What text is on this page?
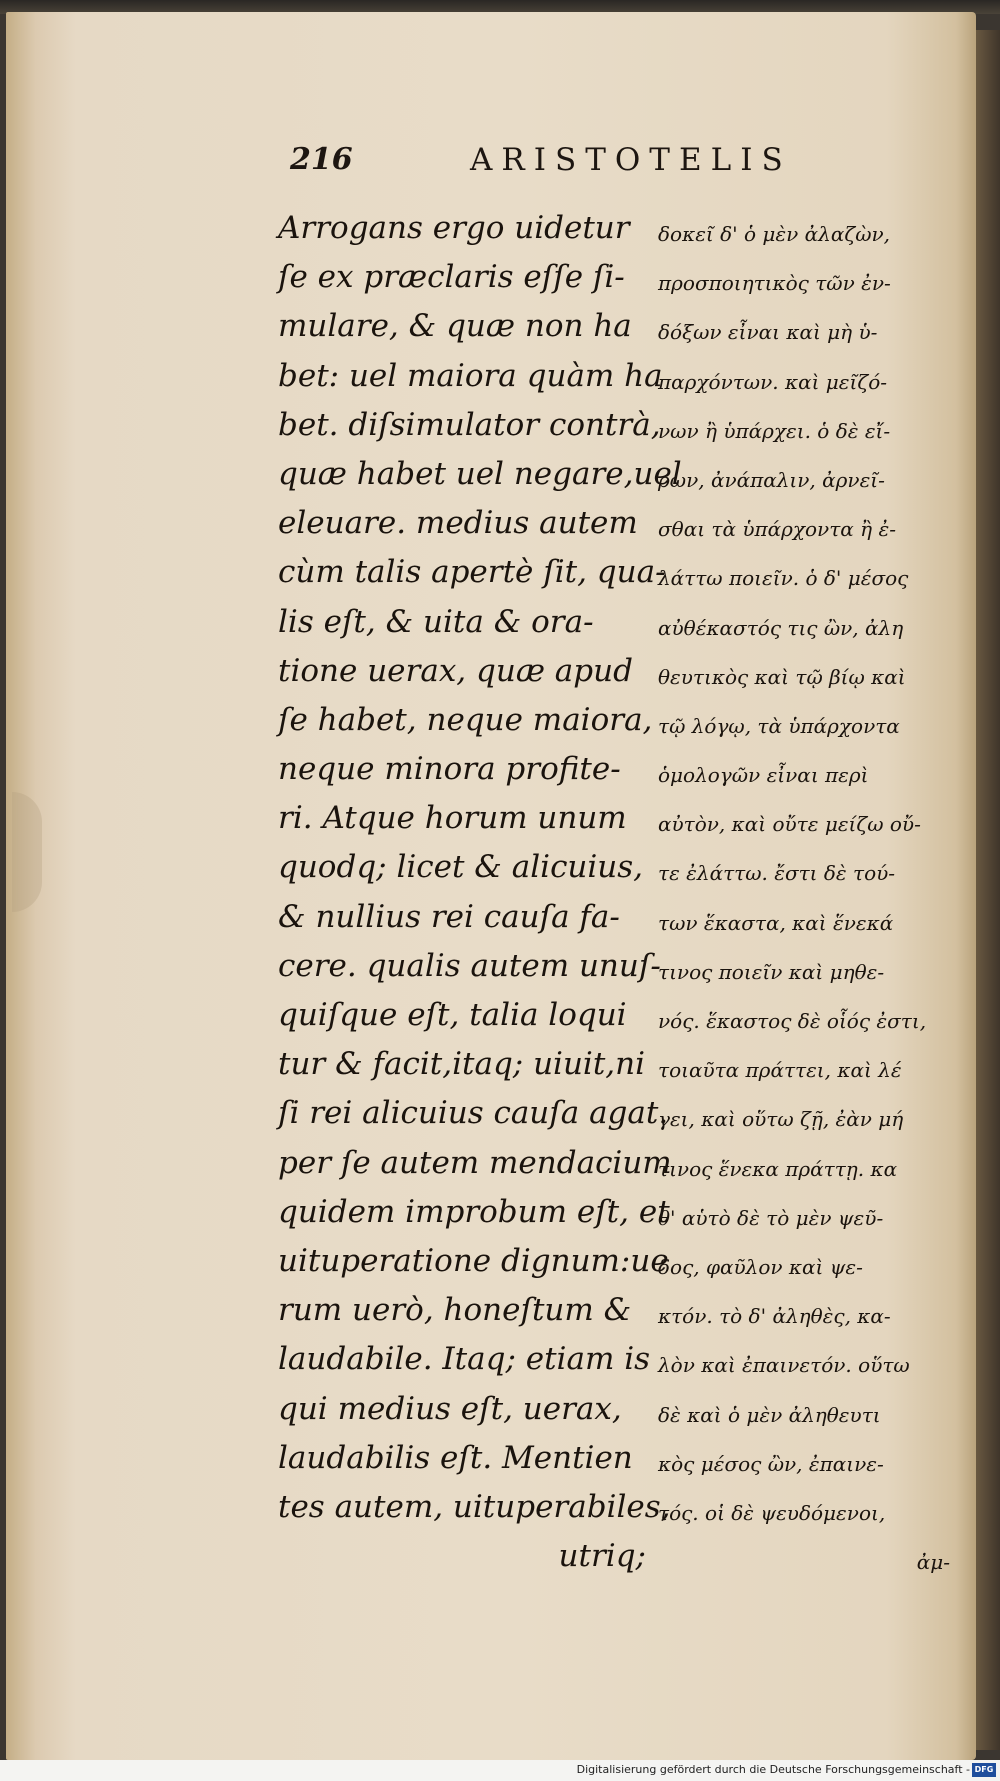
216	ARISTOTELIS
Arrogans ergo uidetur
ſe ex præclaris eſſe ſi-
mulare, & quæ non ha
bet: uel maiora quàm ha
bet. diſsimulator contrà,
quæ habet uel negare,uel
eleuare. medius autem
cùm talis apertè ſit, qua-
lis eſt, & uita & ora-
tione uerax, quæ apud
ſe habet, neque maiora,
neque minora profite-
ri. Atque horum unum
quodq; licet & alicuius,
& nullius rei cauſa fa-
cere. qualis autem unuſ-
quiſque eſt, talia loqui
tur & facit,itaq; uiuit,ni
ſi rei alicuius cauſa agat.
per ſe autem mendacium
quidem improbum eſt, et
uituperatione dignum:ue
rum uerò, honeſtum &
laudabile. Itaq; etiam is
qui medius eſt, uerax,
laudabilis eſt. Mentien
tes autem, uituperabiles,
utriq;
δοκεῖ δ' ὁ μὲν ἀλαζὼν,
προσποιητικὸς τῶν ἐν-
δόξων εἶναι καὶ μὴ ὑ-
παρχόντων. καὶ μεῖζό-
νων ἢ ὑπάρχει. ὁ δὲ εἴ-
ρων, ἀνάπαλιν, ἀρνεῖ-
σθαι τὰ ὑπάρχοντα ἢ ἐ-
λάττω ποιεῖν. ὁ δ' μέσος
αὐθέκαστός τις ὢν, ἀλη
θευτικὸς καὶ τῷ βίῳ καὶ
τῷ λόγῳ, τὰ ὑπάρχοντα
ὁμολογῶν εἶναι περὶ
αὐτὸν, καὶ οὔτε μείζω οὔ-
τε ἐλάττω. ἔστι δὲ τού-
των ἕκαστα, καὶ ἕνεκά
τινος ποιεῖν καὶ μηθε-
νός. ἕκαστος δὲ οἷός ἐστι,
τοιαῦτα πράττει, καὶ λέ
γει, καὶ οὕτω ζῇ, ἐὰν μή
τινος ἕνεκα πράττῃ. κα
θ' αὑτὸ δὲ τὸ μὲν ψεῦ-
δος, φαῦλον καὶ ψε-
κτόν. τὸ δ' ἀληθὲς, κα-
λὸν καὶ ἐπαινετόν. οὕτω
δὲ καὶ ὁ μὲν ἀληθευτι
κὸς μέσος ὢν, ἐπαινε-
τός. οἱ δὲ ψευδόμενοι,
ἀμ-
Digitalisierung gefördert durch die Deutsche Forschungsgemeinschaft - DFG
